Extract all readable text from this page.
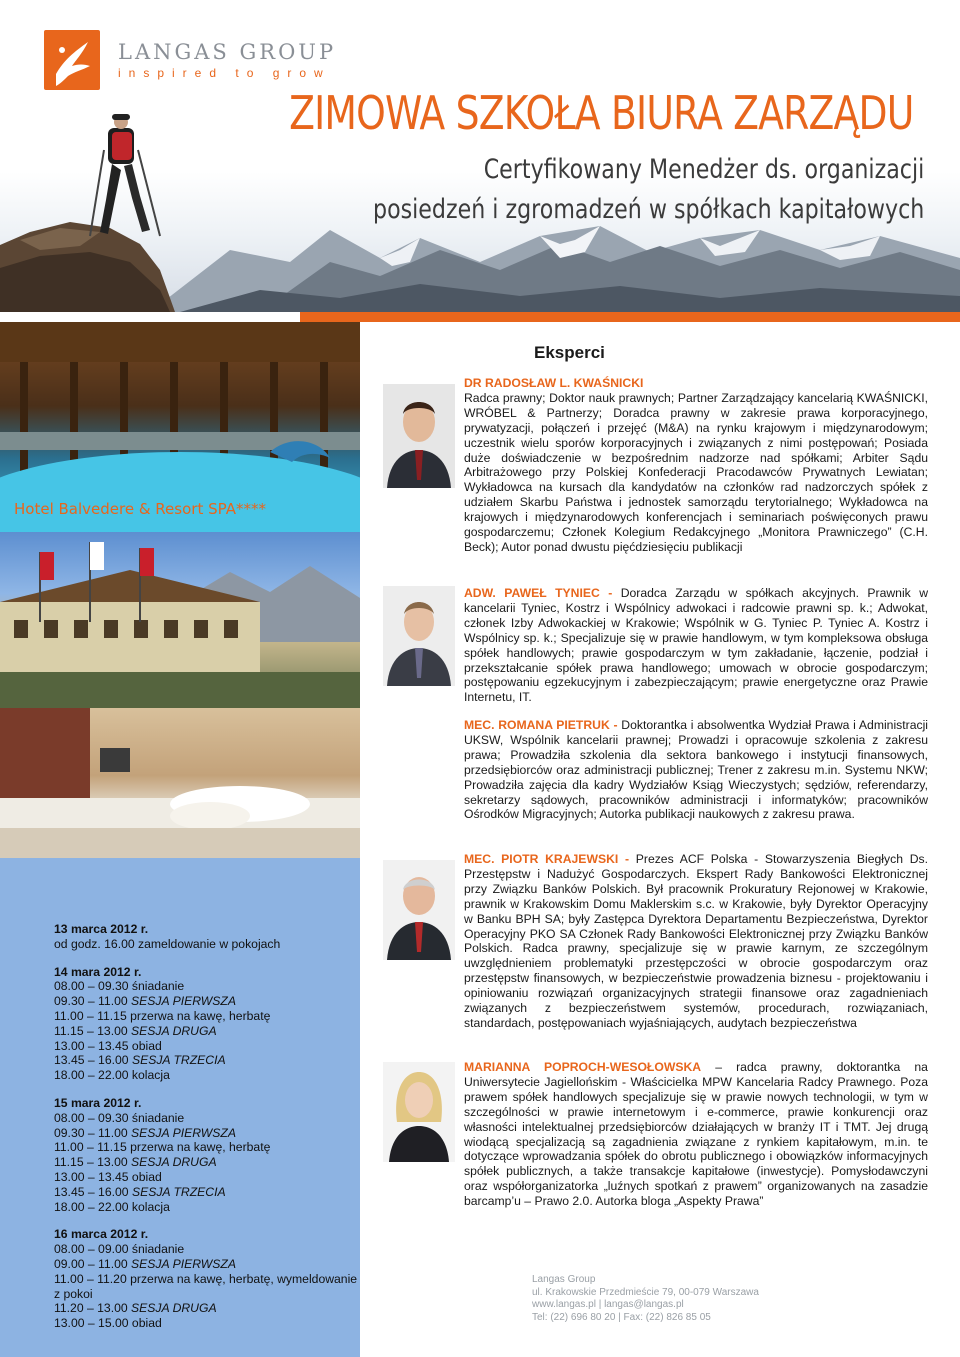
LANGAS GROUP
inspired to grow
ZIMOWA SZKOŁA BIURA ZARZĄDU
Certyfikowany Menedżer ds. organizacji
posiedzeń i zgromadzeń w spółkach kapitałowych
Hotel Balvedere & Resort SPA****
13 marca 2012 r.
od godz. 16.00 zameldowanie w pokojach
14 mara 2012 r.
08.00 – 09.30 śniadanie
09.30 – 11.00 SESJA PIERWSZA
11.00 – 11.15 przerwa na kawę, herbatę
11.15 – 13.00 SESJA DRUGA
13.00 – 13.45 obiad
13.45 – 16.00 SESJA TRZECIA
18.00 – 22.00 kolacja
15 mara 2012 r.
08.00 – 09.30 śniadanie
09.30 – 11.00 SESJA PIERWSZA
11.00 – 11.15 przerwa na kawę, herbatę
11.15 – 13.00 SESJA DRUGA
13.00 – 13.45 obiad
13.45 – 16.00 SESJA TRZECIA
18.00 – 22.00 kolacja
16 marca 2012 r.
08.00 – 09.00 śniadanie
09.00 – 11.00 SESJA PIERWSZA
11.00 – 11.20 przerwa na kawę, herbatę, wymeldowanie z pokoi
11.20 – 13.00 SESJA DRUGA
13.00 – 15.00 obiad
Eksperci
DR RADOSŁAW L. KWAŚNICKI
Radca prawny; Doktor nauk prawnych; Partner Zarządzający kancelarią KWAŚNICKI, WRÓBEL & Partnerzy; Doradca prawny w zakresie prawa korporacyjnego, prywatyzacji, połączeń i przejęć (M&A) na rynku krajowym i międzynarodowym; uczestnik wielu sporów korporacyjnych i związanych z nimi postępowań; Posiada duże doświadczenie w bezpośrednim nadzorze nad spółkami; Arbiter Sądu Arbitrażowego przy Polskiej Konfederacji Pracodawców Prywatnych Lewiatan; Wykładowca na kursach dla kandydatów na członków rad nadzorczych spółek z udziałem Skarbu Państwa i jednostek samorządu terytorialnego; Wykładowca na krajowych i międzynarodowych konferencjach i seminariach poświęconych prawu gospodarczemu; Członek Kolegium Redakcyjnego „Monitora Prawniczego” (C.H. Beck); Autor ponad dwustu pięćdziesięciu publikacji
ADW. PAWEŁ TYNIEC - Doradca Zarządu w spółkach akcyjnych. Prawnik w kancelarii Tyniec, Kostrz i Wspólnicy adwokaci i radcowie prawni sp. k.; Adwokat, członek Izby Adwokackiej w Krakowie; Wspólnik w G. Tyniec P. Tyniec A. Kostrz i Wspólnicy sp. k.; Specjalizuje się w prawie handlowym, w tym kompleksowa obsługa spółek handlowych; prawie gospodarczym w tym zakładanie, łączenie, podział i przekształcanie spółek prawa handlowego; umowach w obrocie gospodarczym; postępowaniu egzekucyjnym i zabezpieczającym; prawie energetyczne oraz Prawie Internetu, IT.
MEC. ROMANA PIETRUK - Doktorantka i absolwentka Wydział Prawa i Administracji UKSW, Wspólnik kancelarii prawnej; Prowadzi i opracowuje szkolenia z zakresu prawa; Prowadziła szkolenia dla sektora bankowego i instytucji finansowych, przedsiębiorców oraz administracji publicznej; Trener z zakresu m.in. Systemu NKW; Prowadziła zajęcia dla kadry Wydziałów Ksiąg Wieczystych; sędziów, referendarzy, sekretarzy sądowych, pracowników administracji i informatyków; pracowników Ośrodków Migracyjnych; Autorka publikacji naukowych z zakresu prawa.
MEC. PIOTR KRAJEWSKI - Prezes ACF Polska - Stowarzyszenia Biegłych Ds. Przestępstw i Nadużyć Gospodarczych. Ekspert Rady Bankowości Elektronicznej przy Związku Banków Polskich. Był pracownik Prokuratury Rejonowej w Krakowie, prawnik w Krakowskim Domu Maklerskim s.c. w Krakowie, były Dyrektor Operacyjny w Banku BPH SA; były Zastępca Dyrektora Departamentu Bezpieczeństwa, Dyrektor Operacyjny PKO SA Członek Rady Bankowości Elektronicznej przy Związku Banków Polskich. Radca prawny, specjalizuje się w prawie karnym, ze szczególnym uwzględnieniem problematyki przestępczości w obrocie gospodarczym oraz przestępstw finansowych, w bezpieczeństwie prowadzenia biznesu - projektowaniu i opiniowaniu rozwiązań organizacyjnych strategii finansowe oraz zagadnieniach związanych z bezpieczeństwem systemów, procedurach, rozwiązaniach, standardach, postępowaniach wyjaśniających, audytach bezpieczeństwa
MARIANNA POPROCH-WESOŁOWSKA – radca prawny, doktorantka na Uniwersytecie Jagiellońskim - Właścicielka MPW Kancelaria Radcy Prawnego. Poza prawem spółek handlowych specjalizuje się w prawie nowych technologii, w tym w szczególności w prawie internetowym i e-commerce, prawie konkurencji oraz własności intelektualnej przedsiębiorców działających w branży IT i TMT. Jej drugą wiodącą specjalizacją są zagadnienia związane z rynkiem kapitałowym, m.in. te dotyczące wprowadzania spółek do obrotu publicznego i obowiązków informacyjnych spółek publicznych, a także transakcje kapitałowe (inwestycje). Pomysłodawczyni oraz współorganizatorka „luźnych spotkań z prawem” organizowanych na zasadzie barcamp’u – Prawo 2.0. Autorka bloga „Aspekty Prawa”
Langas Group
ul. Krakowskie Przedmieście 79, 00-079 Warszawa
www.langas.pl | langas@langas.pl
Tel: (22) 696 80 20 | Fax: (22) 826 85 05
